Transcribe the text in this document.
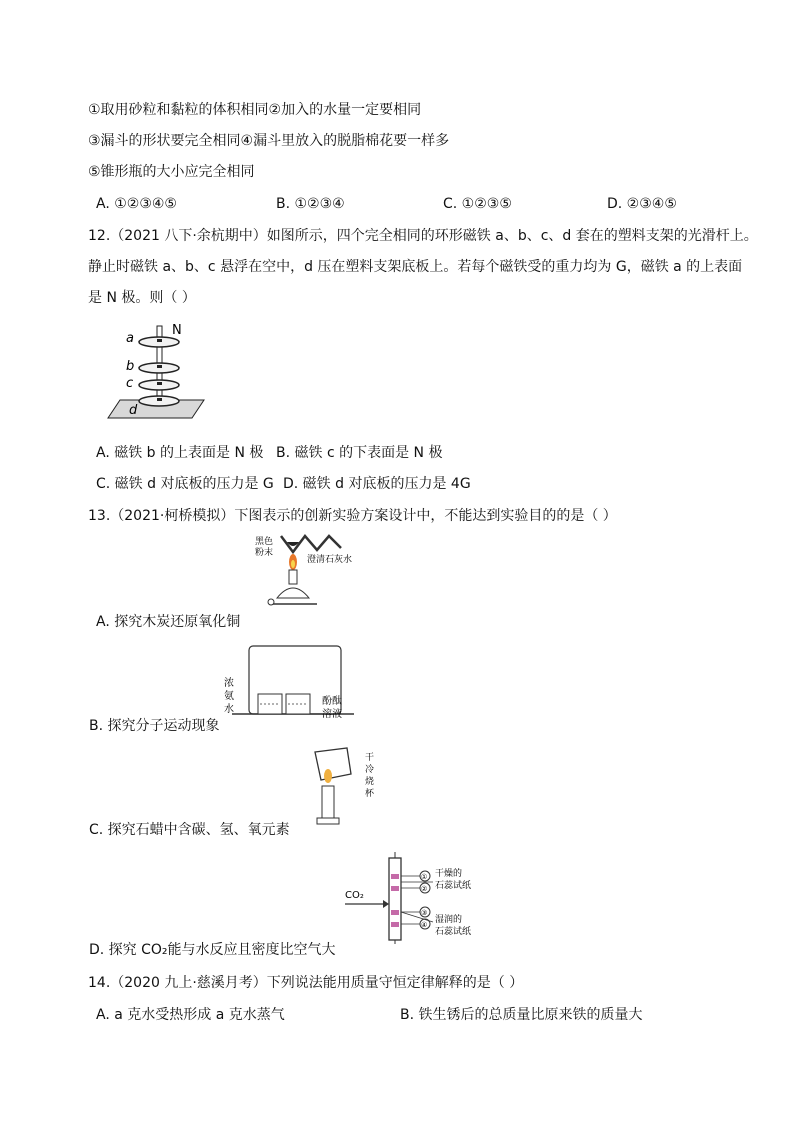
①取用砂粒和黏粒的体积相同②加入的水量一定要相同
③漏斗的形状要完全相同④漏斗里放入的脱脂棉花要一样多
⑤锥形瓶的大小应完全相同
A. ①②③④⑤	B. ①②③④	C. ①②③⑤	D. ②③④⑤
12.（2021 八下·余杭期中）如图所示，四个完全相同的环形磁铁 a、b、c、d 套在的塑料支架的光滑杆上。
静止时磁铁 a、b、c 悬浮在空中，d 压在塑料支架底板上。若每个磁铁受的重力均为 G，磁铁 a 的上表面
是 N 极。则（ ）
a
b
c
d
N
A. 磁铁 b 的上表面是 N 极 B. 磁铁 c 的下表面是 N 极
C. 磁铁 d 对底板的压力是 G D. 磁铁 d 对底板的压力是 4G
13.（2021·柯桥模拟）下图表示的创新实验方案设计中，不能达到实验目的的是（ ）
黑色
粉末
澄清石灰水
A. 探究木炭还原氧化铜
浓
氨
水
酚酞
溶液
B. 探究分子运动现象
干
冷
烧
杯
C. 探究石蜡中含碳、氢、氧元素
CO₂
①
②
③
④
干燥的
石蕊试纸
湿润的
石蕊试纸
D. 探究 CO₂能与水反应且密度比空气大
14.（2020 九上·慈溪月考）下列说法能用质量守恒定律解释的是（ ）
A. a 克水受热形成 a 克水蒸气	B. 铁生锈后的总质量比原来铁的质量大
